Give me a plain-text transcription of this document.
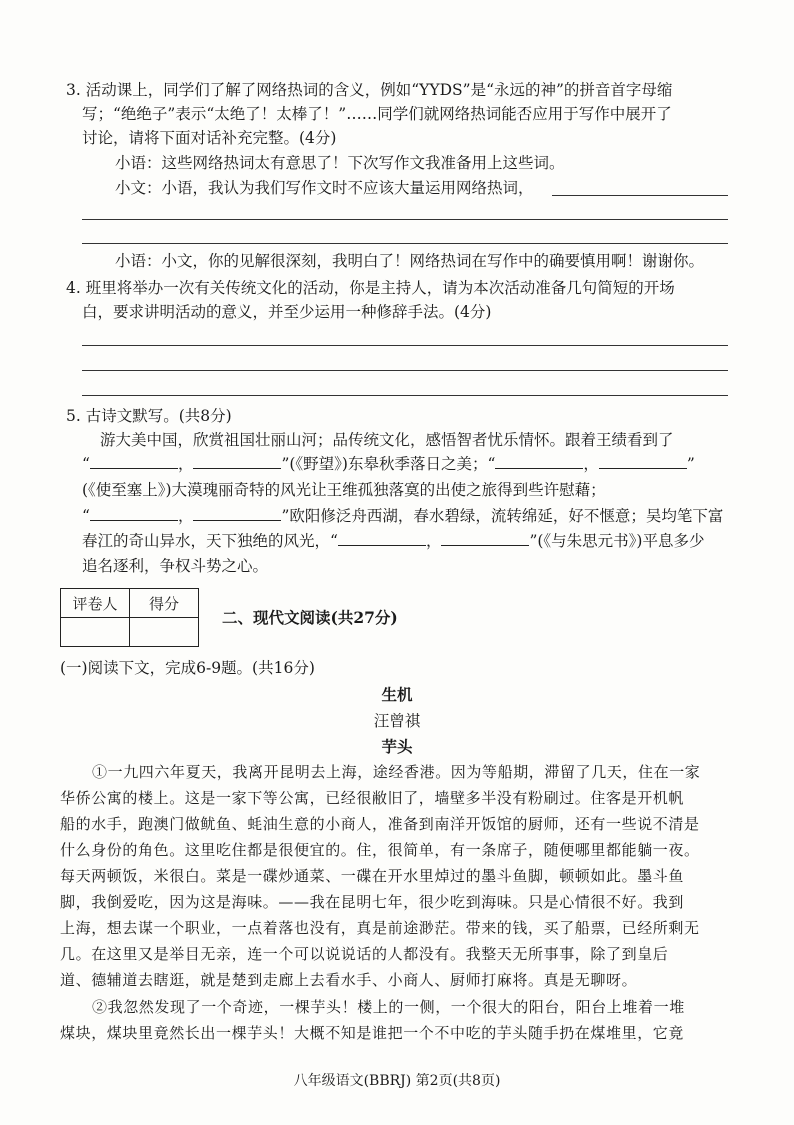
3. 活动课上，同学们了解了网络热词的含义，例如“YYDS”是“永远的神”的拼音首字母缩
写；“绝绝子”表示“太绝了！太棒了！”……同学们就网络热词能否应用于写作中展开了
讨论，请将下面对话补充完整。(4分)
小语：这些网络热词太有意思了！下次写作文我准备用上这些词。
小文：小语，我认为我们写作文时不应该大量运用网络热词，
小语：小文，你的见解很深刻，我明白了！网络热词在写作中的确要慎用啊！谢谢你。
4. 班里将举办一次有关传统文化的活动，你是主持人，请为本次活动准备几句简短的开场
白，要求讲明活动的意义，并至少运用一种修辞手法。(4分)
5. 古诗文默写。(共8分)
游大美中国，欣赏祖国壮丽山河；品传统文化，感悟智者忧乐情怀。跟着王绩看到了
“	，	”(《野望》)东皋秋季落日之美；“	，	”
(《使至塞上》)大漠瑰丽奇特的风光让王维孤独落寞的出使之旅得到些许慰藉；
“	，	”欧阳修泛舟西湖，春水碧绿，流转绵延，好不惬意；吴均笔下富
春江的奇山异水，天下独绝的风光，“	，	”(《与朱思元书》)平息多少
追名逐利，争权斗势之心。
评卷人	得分

二、现代文阅读(共27分)
(一)阅读下文，完成6-9题。(共16分)
生机
汪曾祺
芋头
①一九四六年夏天，我离开昆明去上海，途经香港。因为等船期，滞留了几天，住在一家
华侨公寓的楼上。这是一家下等公寓，已经很敝旧了，墙壁多半没有粉刷过。住客是开机帆
船的水手，跑澳门做鱿鱼、蚝油生意的小商人，准备到南洋开饭馆的厨师，还有一些说不清是
什么身份的角色。这里吃住都是很便宜的。住，很简单，有一条席子，随便哪里都能躺一夜。
每天两顿饭，米很白。菜是一碟炒通菜、一碟在开水里焯过的墨斗鱼脚，顿顿如此。墨斗鱼
脚，我倒爱吃，因为这是海味。——我在昆明七年，很少吃到海味。只是心情很不好。我到
上海，想去谋一个职业，一点着落也没有，真是前途渺茫。带来的钱，买了船票，已经所剩无
几。在这里又是举目无亲，连一个可以说说话的人都没有。我整天无所事事，除了到皇后
道、德辅道去瞎逛，就是楚到走廊上去看水手、小商人、厨师打麻将。真是无聊呀。
②我忽然发现了一个奇迹，一棵芋头！楼上的一侧，一个很大的阳台，阳台上堆着一堆
煤块，煤块里竟然长出一棵芋头！大概不知是谁把一个不中吃的芋头随手扔在煤堆里，它竟
八年级语文(BBRJ) 第2页(共8页)
